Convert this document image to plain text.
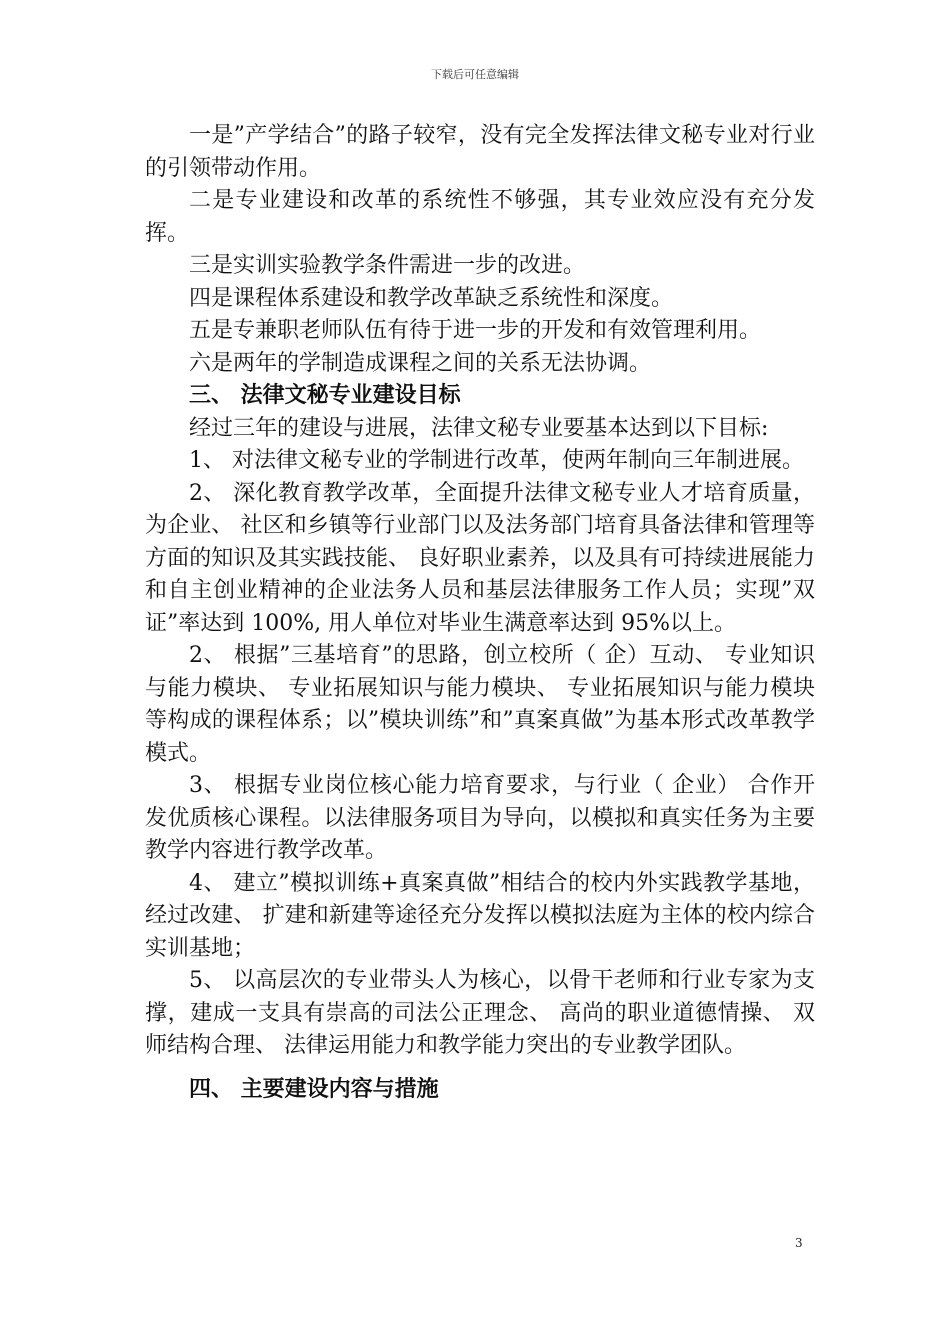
下载后可任意编辑

一是”产学结合”的路子较窄，没有完全发挥法律文秘专业对行业的引领带动作用。

二是专业建设和改革的系统性不够强，其专业效应没有充分发挥。

三是实训实验教学条件需进一步的改进。

四是课程体系建设和教学改革缺乏系统性和深度。

五是专兼职老师队伍有待于进一步的开发和有效管理利用。

六是两年的学制造成课程之间的关系无法协调。

三、 法律文秘专业建设目标

经过三年的建设与进展，法律文秘专业要基本达到以下目标:

1、 对法律文秘专业的学制进行改革，使两年制向三年制进展。

2、 深化教育教学改革，全面提升法律文秘专业人才培育质量，为企业、 社区和乡镇等行业部门以及法务部门培育具备法律和管理等方面的知识及其实践技能、 良好职业素养，以及具有可持续进展能力和自主创业精神的企业法务人员和基层法律服务工作人员；实现”双证”率达到 100%, 用人单位对毕业生满意率达到 95%以上。

2、 根据”三基培育”的思路，创立校所（ 企）互动、 专业知识与能力模块、 专业拓展知识与能力模块、 专业拓展知识与能力模块等构成的课程体系；以”模块训练”和”真案真做”为基本形式改革教学模式。

3、 根据专业岗位核心能力培育要求，与行业（ 企业） 合作开发优质核心课程。以法律服务项目为导向，以模拟和真实任务为主要教学内容进行教学改革。

4、 建立”模拟训练+真案真做”相结合的校内外实践教学基地，经过改建、 扩建和新建等途径充分发挥以模拟法庭为主体的校内综合实训基地；

5、 以高层次的专业带头人为核心，以骨干老师和行业专家为支撑，建成一支具有崇高的司法公正理念、 高尚的职业道德情操、 双师结构合理、 法律运用能力和教学能力突出的专业教学团队。

四、 主要建设内容与措施
3
